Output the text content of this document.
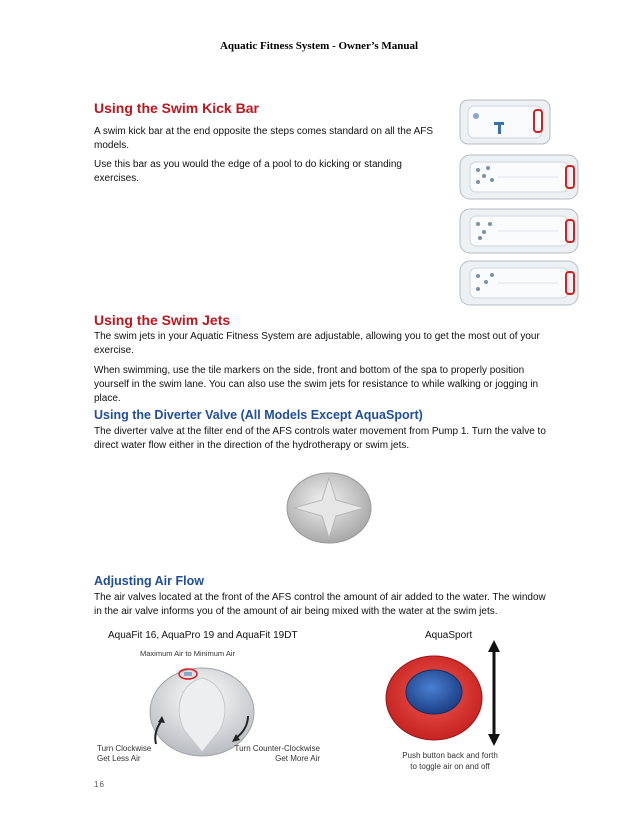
Aquatic Fitness System - Owner’s Manual
Using the Swim Kick Bar
A swim kick bar at the end opposite the steps comes standard on all the AFS models.
Use this bar as you would the edge of a pool to do kicking or standing exercises.
Using the Swim Jets
The swim jets in your Aquatic Fitness System are adjustable, allowing you to get the most out of your exercise.
When swimming, use the tile markers on the side, front and bottom of the spa to properly position yourself in the swim lane. You can also use the swim jets for resistance to while walking or jogging in place.
Using the Diverter Valve (All Models Except AquaSport)
The diverter valve at the filter end of the AFS controls water movement from Pump 1. Turn the valve to direct water flow either in the direction of the hydrotherapy or swim jets.
Adjusting Air Flow
The air valves located at the front of the AFS control the amount of air added to the water. The window in the air valve informs you of the amount of air being mixed with the water at the swim jets.
AquaFit 16, AquaPro 19 and AquaFit 19DT	AquaSport
Maximum Air to Minimum Air
Turn Clockwise
Get Less Air
Turn Counter-Clockwise
Get More Air	Push button back and forth
to toggle air on and off
16
